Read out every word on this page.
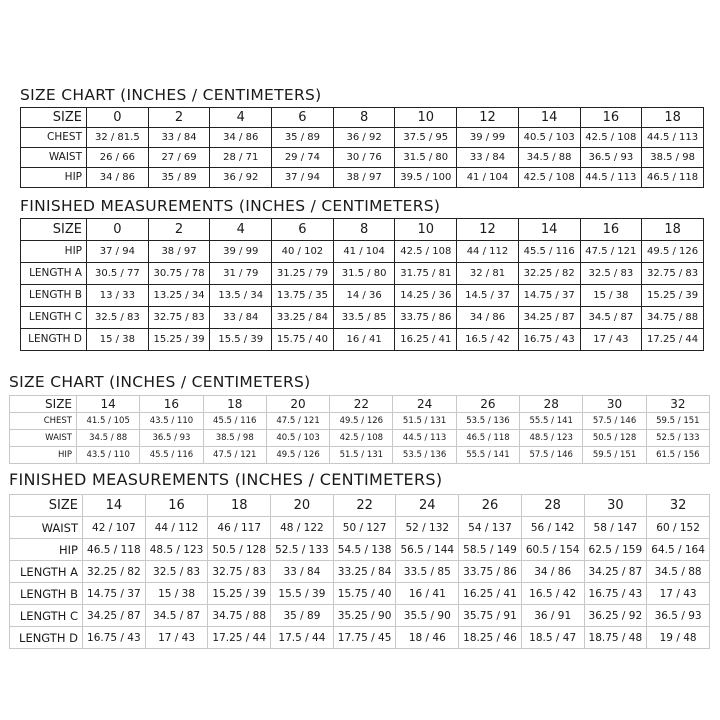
SIZE CHART (INCHES / CENTIMETERS)
SIZE	0	2	4	6	8	10	12	14	16	18
CHEST	32 / 81.5	33 / 84	34 / 86	35 / 89	36 / 92	37.5 / 95	39 / 99	40.5 / 103	42.5 / 108	44.5 / 113
WAIST	26 / 66	27 / 69	28 / 71	29 / 74	30 / 76	31.5 / 80	33 / 84	34.5 / 88	36.5 / 93	38.5 / 98
HIP	34 / 86	35 / 89	36 / 92	37 / 94	38 / 97	39.5 / 100	41 / 104	42.5 / 108	44.5 / 113	46.5 / 118
FINISHED MEASUREMENTS (INCHES / CENTIMETERS)
SIZE	0	2	4	6	8	10	12	14	16	18
HIP	37 / 94	38 / 97	39 / 99	40 / 102	41 / 104	42.5 / 108	44 / 112	45.5 / 116	47.5 / 121	49.5 / 126
LENGTH A	30.5 / 77	30.75 / 78	31 / 79	31.25 / 79	31.5 / 80	31.75 / 81	32 / 81	32.25 / 82	32.5 / 83	32.75 / 83
LENGTH B	13 / 33	13.25 / 34	13.5 / 34	13.75 / 35	14 / 36	14.25 / 36	14.5 / 37	14.75 / 37	15 / 38	15.25 / 39
LENGTH C	32.5 / 83	32.75 / 83	33 / 84	33.25 / 84	33.5 / 85	33.75 / 86	34 / 86	34.25 / 87	34.5 / 87	34.75 / 88
LENGTH D	15 / 38	15.25 / 39	15.5 / 39	15.75 / 40	16 / 41	16.25 / 41	16.5 / 42	16.75 / 43	17 / 43	17.25 / 44
SIZE CHART (INCHES / CENTIMETERS)
SIZE	14	16	18	20	22	24	26	28	30	32
CHEST	41.5 / 105	43.5 / 110	45.5 / 116	47.5 / 121	49.5 / 126	51.5 / 131	53.5 / 136	55.5 / 141	57.5 / 146	59.5 / 151
WAIST	34.5 / 88	36.5 / 93	38.5 / 98	40.5 / 103	42.5 / 108	44.5 / 113	46.5 / 118	48.5 / 123	50.5 / 128	52.5 / 133
HIP	43.5 / 110	45.5 / 116	47.5 / 121	49.5 / 126	51.5 / 131	53.5 / 136	55.5 / 141	57.5 / 146	59.5 / 151	61.5 / 156
FINISHED MEASUREMENTS (INCHES / CENTIMETERS)
SIZE	14	16	18	20	22	24	26	28	30	32
WAIST	42 / 107	44 / 112	46 / 117	48 / 122	50 / 127	52 / 132	54 / 137	56 / 142	58 / 147	60 / 152
HIP	46.5 / 118	48.5 / 123	50.5 / 128	52.5 / 133	54.5 / 138	56.5 / 144	58.5 / 149	60.5 / 154	62.5 / 159	64.5 / 164
LENGTH A	32.25 / 82	32.5 / 83	32.75 / 83	33 / 84	33.25 / 84	33.5 / 85	33.75 / 86	34 / 86	34.25 / 87	34.5 / 88
LENGTH B	14.75 / 37	15 / 38	15.25 / 39	15.5 / 39	15.75 / 40	16 / 41	16.25 / 41	16.5 / 42	16.75 / 43	17 / 43
LENGTH C	34.25 / 87	34.5 / 87	34.75 / 88	35 / 89	35.25 / 90	35.5 / 90	35.75 / 91	36 / 91	36.25 / 92	36.5 / 93
LENGTH D	16.75 / 43	17 / 43	17.25 / 44	17.5 / 44	17.75 / 45	18 / 46	18.25 / 46	18.5 / 47	18.75 / 48	19 / 48
